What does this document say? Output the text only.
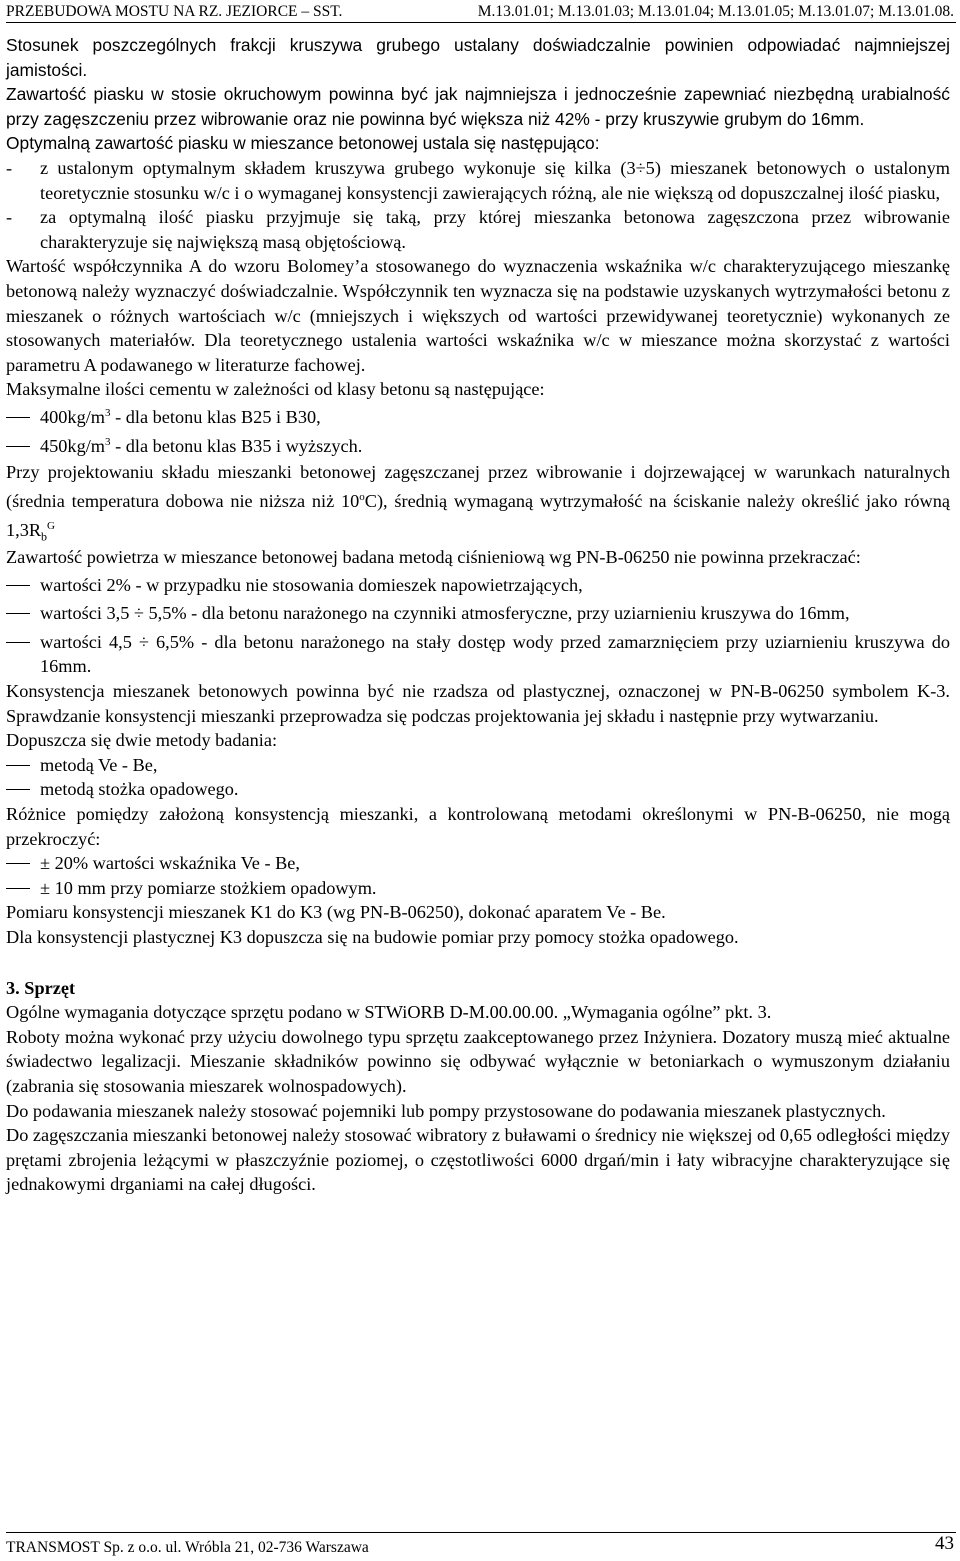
PRZEBUDOWA MOSTU NA RZ. JEZIORCE – SST.	M.13.01.01; M.13.01.03; M.13.01.04; M.13.01.05; M.13.01.07; M.13.01.08.

Stosunek poszczególnych frakcji kruszywa grubego ustalany doświadczalnie powinien odpowiadać najmniejszej jamistości.

Zawartość piasku w stosie okruchowym powinna być jak najmniejsza i jednocześnie zapewniać niezbędną urabialność przy zagęszczeniu przez wibrowanie oraz nie powinna być większa niż 42% - przy kruszywie grubym do 16mm.

Optymalną zawartość piasku w mieszance betonowej ustala się następująco:

-	z ustalonym optymalnym składem kruszywa grubego wykonuje się kilka (3÷5) mieszanek betonowych o ustalonym teoretycznie stosunku w/c i o wymaganej konsystencji zawierających różną, ale nie większą od dopuszczalnej ilość piasku,
-	za optymalną ilość piasku przyjmuje się taką, przy której mieszanka betonowa zagęszczona przez wibrowanie charakteryzuje się największą masą objętościową.

Wartość współczynnika A do wzoru Bolomey’a stosowanego do wyznaczenia wskaźnika w/c charakteryzującego mieszankę betonową należy wyznaczyć doświadczalnie. Współczynnik ten wyznacza się na podstawie uzyskanych wytrzymałości betonu z mieszanek o różnych wartościach w/c (mniejszych i większych od wartości przewidywanej teoretycznie) wykonanych ze stosowanych materiałów. Dla teoretycznego ustalenia wartości wskaźnika w/c w mieszance można skorzystać z wartości parametru A podawanego w literaturze fachowej.

Maksymalne ilości cementu w zależności od klasy betonu są następujące:

$400kg/m^3$ - dla betonu klas B25 i B30,
$450kg/m^3$ - dla betonu klas B35 i wyższych.

Przy projektowaniu składu mieszanki betonowej zagęszczanej przez wibrowanie i dojrzewającej w warunkach naturalnych (średnia temperatura dobowa nie niższa niż 10$^o$C), średnią wymaganą wytrzymałość na ściskanie należy określić jako równą $1,3R_b^G$

Zawartość powietrza w mieszance betonowej badana metodą ciśnieniową wg PN-B-06250 nie powinna przekraczać:

wartości 2% - w przypadku nie stosowania domieszek napowietrzających,
wartości 3,5 ÷ 5,5% - dla betonu narażonego na czynniki atmosferyczne, przy uziarnieniu kruszywa do 16mm,
wartości 4,5 ÷ 6,5% - dla betonu narażonego na stały dostęp wody przed zamarznięciem przy uziarnieniu kruszywa do 16mm.

Konsystencja mieszanek betonowych powinna być nie rzadsza od plastycznej, oznaczonej w PN-B-06250 symbolem K-3. Sprawdzanie konsystencji mieszanki przeprowadza się podczas projektowania jej składu i następnie przy wytwarzaniu.

Dopuszcza się dwie metody badania:

metodą Ve - Be,
metodą stożka opadowego.

Różnice pomiędzy założoną konsystencją mieszanki, a kontrolowaną metodami określonymi w PN-B-06250, nie mogą przekroczyć:

± 20% wartości wskaźnika Ve - Be,
± 10 mm przy pomiarze stożkiem opadowym.

Pomiaru konsystencji mieszanek K1 do K3 (wg PN-B-06250), dokonać aparatem Ve - Be.

Dla konsystencji plastycznej K3 dopuszcza się na budowie pomiar przy pomocy stożka opadowego.

3. Sprzęt

Ogólne wymagania dotyczące sprzętu podano w STWiORB D-M.00.00.00. „Wymagania ogólne” pkt. 3.

Roboty można wykonać przy użyciu dowolnego typu sprzętu zaakceptowanego przez Inżyniera. Dozatory muszą mieć aktualne świadectwo legalizacji. Mieszanie składników powinno się odbywać wyłącznie w betoniarkach o wymuszonym działaniu (zabrania się stosowania mieszarek wolnospadowych).

Do podawania mieszanek należy stosować pojemniki lub pompy przystosowane do podawania mieszanek plastycznych.

Do zagęszczania mieszanki betonowej należy stosować wibratory z buławami o średnicy nie większej od 0,65 odległości między prętami zbrojenia leżącymi w płaszczyźnie poziomej, o częstotliwości 6000 drgań/min i łaty wibracyjne charakteryzujące się jednakowymi drganiami na całej długości.

TRANSMOST Sp. z o.o. ul. Wróbla 21, 02-736 Warszawa	43
